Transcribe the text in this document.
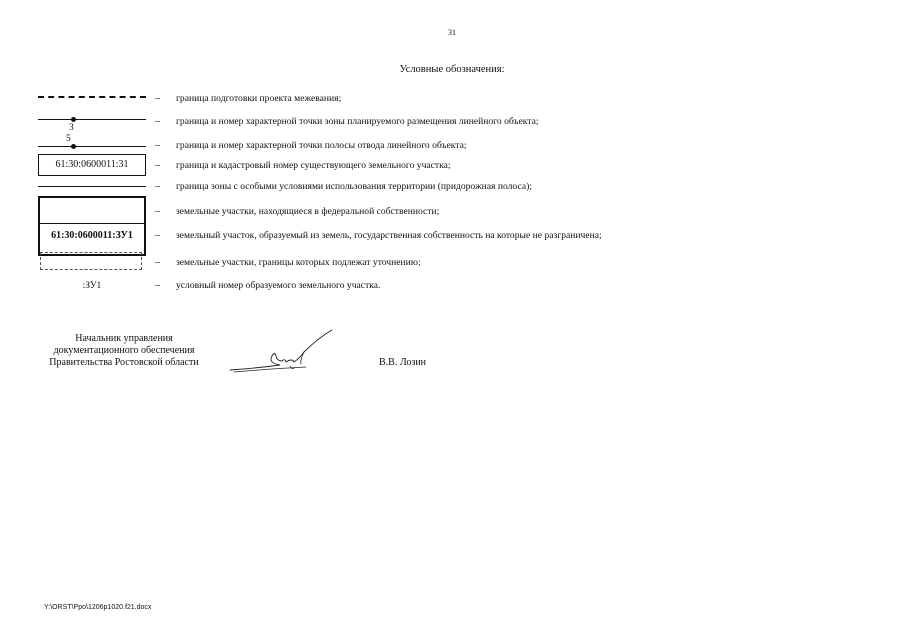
31
Условные обозначения:
–	граница подготовки проекта межевания;
3
–	граница и номер характерной точки зоны планируемого размещения линейного объекта;
5
–	граница и номер характерной точки полосы отвода линейного объекта;
61:30:0600011:31	–	граница и кадастровый номер существующего земельного участка;
–	граница зоны с особыми условиями использования территории (придорожная полоса);
61:30:0600011:ЗУ1
–	земельные участки, находящиеся в федеральной собственности;
–	земельный участок, образуемый из земель, государственная собственность на которые не разграничена;
–	земельные участки, границы которых подлежат уточнению;
:ЗУ1	–	условный номер образуемого земельного участка.
Начальник управления
документационного обеспечения
Правительства Ростовской области	В.В. Лозин
Y:\ORST\Ppo\1206p1020.f21.docx
